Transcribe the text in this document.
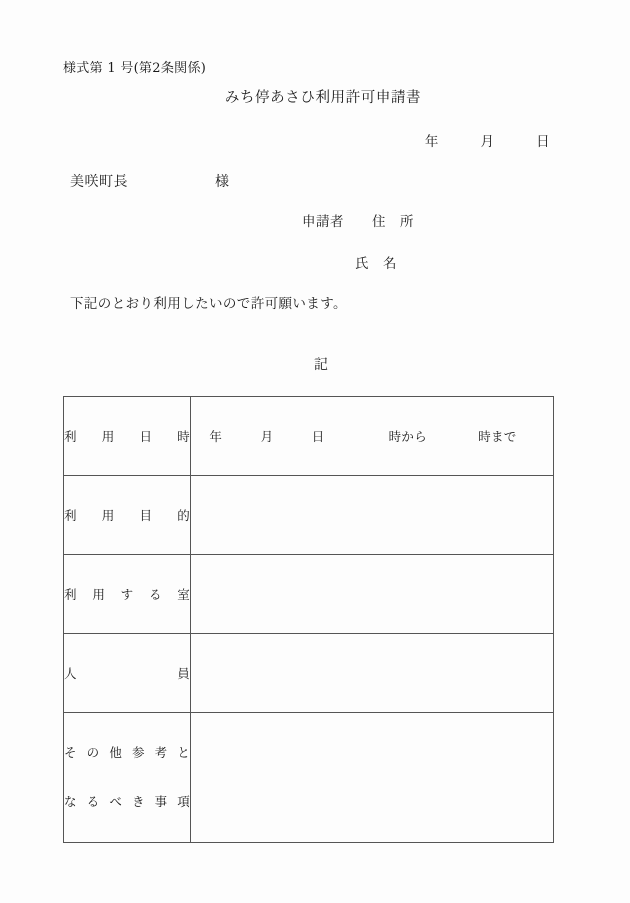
様式第 1 号(第2条関係)
みち停あさひ利用許可申請書
年　　　月　　　日
美咲町長　　　　　　様
申請者　　住　所
氏　名
下記のとおり利用したいので許可願います。
記

利用日時	年　　　月　　　日　　　　　時から　　　　時まで

利用目的	

利用する室	

人員	

その他参考と

なるべき事項	
